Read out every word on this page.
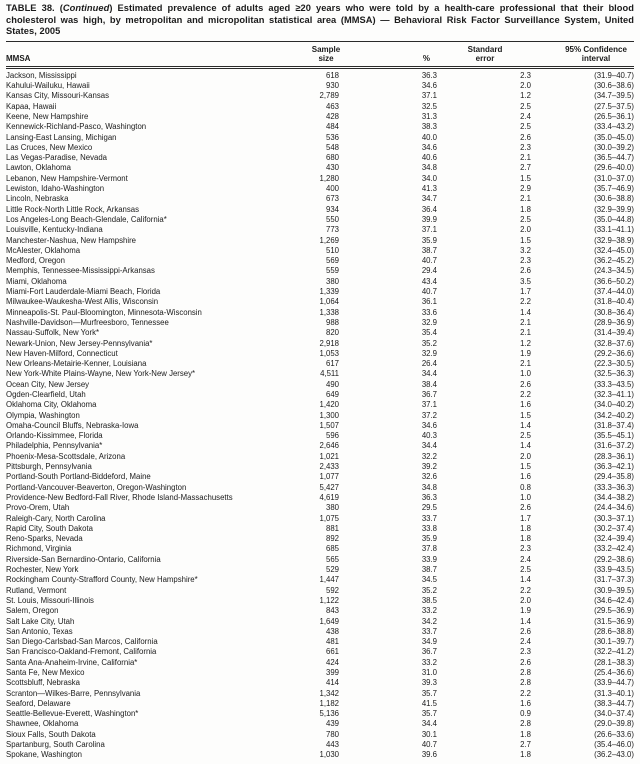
TABLE 38. (Continued) Estimated prevalence of adults aged ≥20 years who were told by a health-care professional that their blood cholesterol was high, by metropolitan and micropolitan statistical area (MMSA) — Behavioral Risk Factor Surveillance System, United States, 2005

	Sample		Standard	95% Confidence
MMSA	size	%	error	interval
Jackson, Mississippi	618	36.3	2.3	(31.9–40.7)
Kahului-Wailuku, Hawaii	930	34.6	2.0	(30.6–38.6)
Kansas City, Missouri-Kansas	2,789	37.1	1.2	(34.7–39.5)
Kapaa, Hawaii	463	32.5	2.5	(27.5–37.5)
Keene, New Hampshire	428	31.3	2.4	(26.5–36.1)
Kennewick-Richland-Pasco, Washington	484	38.3	2.5	(33.4–43.2)
Lansing-East Lansing, Michigan	536	40.0	2.6	(35.0–45.0)
Las Cruces, New Mexico	548	34.6	2.3	(30.0–39.2)
Las Vegas-Paradise, Nevada	680	40.6	2.1	(36.5–44.7)
Lawton, Oklahoma	430	34.8	2.7	(29.6–40.0)
Lebanon, New Hampshire-Vermont	1,280	34.0	1.5	(31.0–37.0)
Lewiston, Idaho-Washington	400	41.3	2.9	(35.7–46.9)
Lincoln, Nebraska	673	34.7	2.1	(30.6–38.8)
Little Rock-North Little Rock, Arkansas	934	36.4	1.8	(32.9–39.9)
Los Angeles-Long Beach-Glendale, California*	550	39.9	2.5	(35.0–44.8)
Louisville, Kentucky-Indiana	773	37.1	2.0	(33.1–41.1)
Manchester-Nashua, New Hampshire	1,269	35.9	1.5	(32.9–38.9)
McAlester, Oklahoma	510	38.7	3.2	(32.4–45.0)
Medford, Oregon	569	40.7	2.3	(36.2–45.2)
Memphis, Tennessee-Mississippi-Arkansas	559	29.4	2.6	(24.3–34.5)
Miami, Oklahoma	380	43.4	3.5	(36.6–50.2)
Miami-Fort Lauderdale-Miami Beach, Florida	1,339	40.7	1.7	(37.4–44.0)
Milwaukee-Waukesha-West Allis, Wisconsin	1,064	36.1	2.2	(31.8–40.4)
Minneapolis-St. Paul-Bloomington, Minnesota-Wisconsin	1,338	33.6	1.4	(30.8–36.4)
Nashville-Davidson—Murfreesboro, Tennessee	988	32.9	2.1	(28.9–36.9)
Nassau-Suffolk, New York*	820	35.4	2.1	(31.4–39.4)
Newark-Union, New Jersey-Pennsylvania*	2,918	35.2	1.2	(32.8–37.6)
New Haven-Milford, Connecticut	1,053	32.9	1.9	(29.2–36.6)
New Orleans-Metairie-Kenner, Louisiana	617	26.4	2.1	(22.3–30.5)
New York-White Plains-Wayne, New York-New Jersey*	4,511	34.4	1.0	(32.5–36.3)
Ocean City, New Jersey	490	38.4	2.6	(33.3–43.5)
Ogden-Clearfield, Utah	649	36.7	2.2	(32.3–41.1)
Oklahoma City, Oklahoma	1,420	37.1	1.6	(34.0–40.2)
Olympia, Washington	1,300	37.2	1.5	(34.2–40.2)
Omaha-Council Bluffs, Nebraska-Iowa	1,507	34.6	1.4	(31.8–37.4)
Orlando-Kissimmee, Florida	596	40.3	2.5	(35.5–45.1)
Philadelphia, Pennsylvania*	2,646	34.4	1.4	(31.6–37.2)
Phoenix-Mesa-Scottsdale, Arizona	1,021	32.2	2.0	(28.3–36.1)
Pittsburgh, Pennsylvania	2,433	39.2	1.5	(36.3–42.1)
Portland-South Portland-Biddeford, Maine	1,077	32.6	1.6	(29.4–35.8)
Portland-Vancouver-Beaverton, Oregon-Washington	5,427	34.8	0.8	(33.3–36.3)
Providence-New Bedford-Fall River, Rhode Island-Massachusetts	4,619	36.3	1.0	(34.4–38.2)
Provo-Orem, Utah	380	29.5	2.6	(24.4–34.6)
Raleigh-Cary, North Carolina	1,075	33.7	1.7	(30.3–37.1)
Rapid City, South Dakota	881	33.8	1.8	(30.2–37.4)
Reno-Sparks, Nevada	892	35.9	1.8	(32.4–39.4)
Richmond, Virginia	685	37.8	2.3	(33.2–42.4)
Riverside-San Bernardino-Ontario, California	565	33.9	2.4	(29.2–38.6)
Rochester, New York	529	38.7	2.5	(33.9–43.5)
Rockingham County-Strafford County, New Hampshire*	1,447	34.5	1.4	(31.7–37.3)
Rutland, Vermont	592	35.2	2.2	(30.9–39.5)
St. Louis, Missouri-Illinois	1,122	38.5	2.0	(34.6–42.4)
Salem, Oregon	843	33.2	1.9	(29.5–36.9)
Salt Lake City, Utah	1,649	34.2	1.4	(31.5–36.9)
San Antonio, Texas	438	33.7	2.6	(28.6–38.8)
San Diego-Carlsbad-San Marcos, California	481	34.9	2.4	(30.1–39.7)
San Francisco-Oakland-Fremont, California	661	36.7	2.3	(32.2–41.2)
Santa Ana-Anaheim-Irvine, California*	424	33.2	2.6	(28.1–38.3)
Santa Fe, New Mexico	399	31.0	2.8	(25.4–36.6)
Scottsbluff, Nebraska	414	39.3	2.8	(33.9–44.7)
Scranton—Wilkes-Barre, Pennsylvania	1,342	35.7	2.2	(31.3–40.1)
Seaford, Delaware	1,182	41.5	1.6	(38.3–44.7)
Seattle-Bellevue-Everett, Washington*	5,136	35.7	0.9	(34.0–37.4)
Shawnee, Oklahoma	439	34.4	2.8	(29.0–39.8)
Sioux Falls, South Dakota	780	30.1	1.8	(26.6–33.6)
Spartanburg, South Carolina	443	40.7	2.7	(35.4–46.0)
Spokane, Washington	1,030	39.6	1.8	(36.2–43.0)
